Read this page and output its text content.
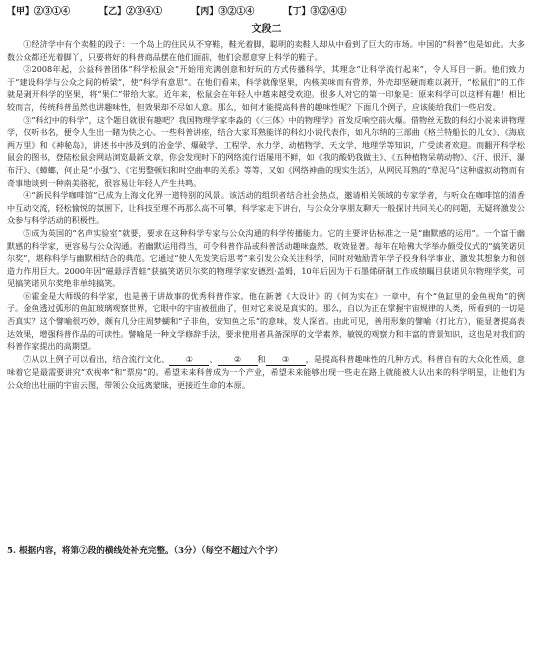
【甲】②③①④	【乙】②③④①	【丙】③②①④	【丁】③②④①
文段二

①经济学中有个卖鞋的段子：一个岛上的住民从不穿鞋，鞋光着脚，聪明的卖鞋人却从中看到了巨大的市场。中国的“科普”也是如此。大多数公众都还光着脚丫，只要将好的科普商品摆在他们面前，他们会愿意穿上科学的鞋子。

②2008年起，公益科普团体“科学松鼠会”开始用充满创意和好玩的方式传播科学，其理念“让科学流行起来”，令人耳目一新。他们致力于“建设科学与公众之间的桥梁”，使“科学有意思”。在他们看来，科学就像坚果，内核美味而有营养，外壳却坚硬而难以剥开，“松鼠们”的工作就是剥开科学的坚果，将“果仁”带给大家。近年来，松鼠会在年轻人中越来越受欢迎。很多人对它的第一印象是：原来科学可以这样有趣！相比较而言，传统科普虽然也讲趣味性，但效果却不尽如人意。那么，如何才能提高科普的趣味性呢？下面几个例子，应该能给我们一些启发。

③“科幻中的科学”，这个题目就很有趣吧？我国物理学家李淼的《〈三体〉中的物理学》首发反响空前火爆。借物丝无数的科幻小说来讲物理学，仅听书名，便令人生出一睹为快之心。一些科普讲座，结合大家耳熟能详的科幻小说代表作，如凡尔纳的三部曲《格兰特船长的儿女》、《海底两万里》和《神秘岛》，讲述书中涉及到的冶金学、爆破学、工程学、水力学、动植物学、天文学、地理学等知识，广受读者欢迎。而翻开科学松鼠会的图书，登陆松鼠会网站浏览最新文章，你会发现时下的网络流行语屡用不鲜，如《我的酸奶我做主》、《五种植物呆萌动物》、《汗、很汗、瀑布汗》、《蟑螂，何止是“小强”》、《宅男整顿妇和时空曲率的关系》等等，又如《网络神曲的现实生活》，从网民耳熟的“草泥马”这种虚拟动物而有奇事地谈到一种南美骆驼，很容易让年轻人产生共鸣。

④“新民科学咖啡馆”已成为上海文化界一道特别的风景。该活动的组织者结合社会热点，邀请相关领域的专家学者，与听众在咖啡馆的清香中互动交流，轻松愉悦的氛围下，让科技至理不再那么高不可攀，科学家走下讲台，与公众分享朋友聊天一般探讨共同关心的问题，无疑将激发公众参与科学活动的积极性。

⑤成为英国的“名声实验室”就要，要求在这种科学专家与公众沟通的科学传播能力。它的主要评估标准之一是“幽默感的运用”。一个富于幽默感的科学家，更容易与公众沟通。若幽默运用得当，可令科普作品或科普活动趣味盎然、收效显著。每年在哈佛大学举办颇受仪式的“搞笑诺贝尔奖”，堪称科学与幽默相结合的典范。它通过“使人先发笑后思考”来引发公众关注科学，同时对勉励青年学子投身科学事业、激发其想象力和创造力作用巨大。2000年因“磁悬浮青蛙”获搞笑诺贝尔奖的物理学家安德烈·盖姆，10年后因为于石墨烯研制工作成绩瞩目获诺贝尔物理学奖，可见搞笑诺贝尔奖绝非单纯搞笑。

⑥霍金是大师级的科学家，也是善于讲故事的优秀科普作家。他在新著《大设计》的《何为实在》一章中，有个“鱼缸里的金鱼视角”的例子。金鱼透过弧形的鱼缸玻璃观察世界，它眼中的宇宙被扭曲了，但对它来说是真实的。那么，自以为正在掌握宇宙规律的人类，所看到的一切是否真实？这个譬喻很巧妙，颇有几分庄周梦蝴和“子非鱼，安知鱼之乐”的意味，发人深省。由此可见，善用形象的譬喻（打比方），能显著提高表达效果，增强科普作品的可读性。譬喻是一种文学修辞手法，要求使用者具备深厚的文学素养、敏锐的观察力和丰富的背景知识，这也是对我们的科普作家提出的高期望。

⑦从以上例子可以看出，结合流行文化、 ① 、 ② 和 ③ ，是提高科普趣味性的几种方式。科普自有的大众化性质，意味着它是最需要讲究“欢视率”和“票房”的。希望未来科普成为一个产业，希望未来能够出现一些走在路上就能被人认出来的科学明星，让他们为公众给出壮丽的宇宙云图，带领公众远离蒙昧，更接近生命的本原。

5. 根据内容，将第⑦段的横线处补充完整。（3分）（每空不超过六个字）
